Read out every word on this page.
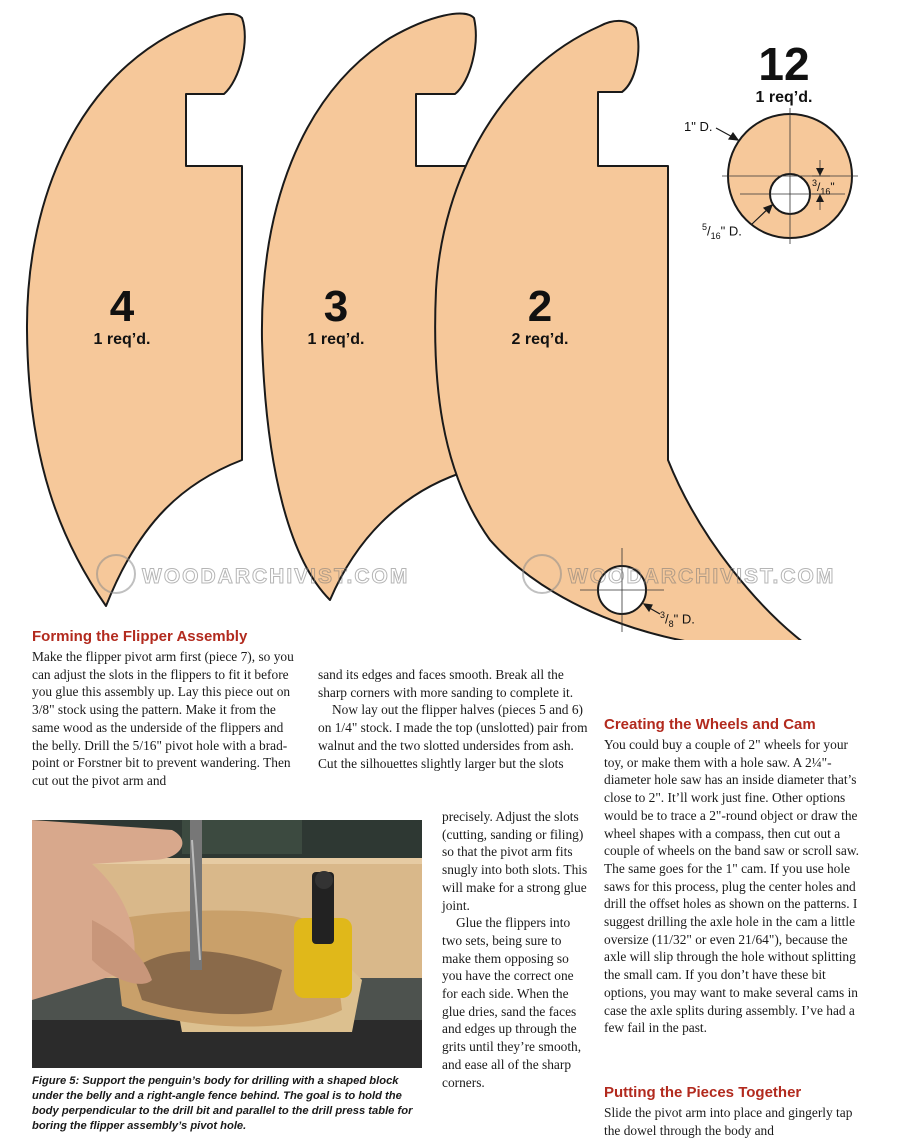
WOODARCHIVIST.COM	WOODARCHIVIST.COM
4
1 req’d.
3
1 req’d.
2
2 req’d.
12
1 req’d.
1" D.
$^3/_{16}$"
$^5/_{16}$" D.
$^3/_8$" D.
Forming the Flipper Assembly

Make the flipper pivot arm first (piece 7), so you can adjust the slots in the flippers to fit it before you glue this assembly up. Lay this piece out on 3/8" stock using the pattern. Make it from the same wood as the underside of the flippers and the belly. Drill the 5/16" pivot hole with a brad-point or Forstner bit to prevent wandering. Then cut out the pivot arm and

sand its edges and faces smooth. Break all the sharp corners with more sanding to complete it.

Now lay out the flipper halves (pieces 5 and 6) on 1/4" stock. I made the top (unslotted) pair from walnut and the two slotted undersides from ash. Cut the silhouettes slightly larger but the slots

precisely. Adjust the slots (cutting, sanding or filing) so that the pivot arm fits snugly into both slots. This will make for a strong glue joint.

Glue the flippers into two sets, being sure to make them opposing so you have the correct one for each side. When the glue dries, sand the faces and edges up through the grits until they’re smooth, and ease all of the sharp corners.

Creating the Wheels and Cam

You could buy a couple of 2" wheels for your toy, or make them with a hole saw. A 2¼"-diameter hole saw has an inside diameter that’s close to 2". It’ll work just fine. Other options would be to trace a 2"-round object or draw the wheel shapes with a compass, then cut out a couple of wheels on the band saw or scroll saw. The same goes for the 1" cam. If you use hole saws for this process, plug the center holes and drill the offset holes as shown on the patterns. I suggest drilling the axle hole in the cam a little oversize (11/32" or even 21/64"), because the axle will slip through the hole without splitting the small cam. If you don’t have these bit options, you may want to make several cams in case the axle splits during assembly. I’ve had a few fail in the past.

Putting the Pieces Together

Slide the pivot arm into place and gingerly tap the dowel through the body and

Figure 5: Support the penguin’s body for drilling with a shaped block under the belly and a right-angle fence behind. The goal is to hold the body perpendicular to the drill bit and parallel to the drill press table for boring the flipper assembly’s pivot hole.
